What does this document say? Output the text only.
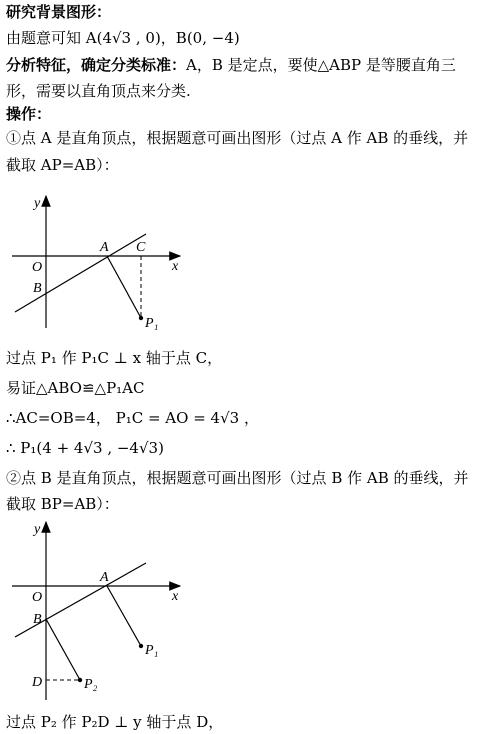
研究背景图形：
由题意可知 A(4√3 , 0)，B(0, −4)
分析特征，确定分类标准：A，B 是定点，要使△ABP 是等腰直角三
形，需要以直角顶点来分类.
操作：
①点 A 是直角顶点，根据题意可画出图形（过点 A 作 AB 的垂线，并
截取 AP=AB）：
y
x
O
A
B
C
P₁
过点 P₁ 作 P₁C ⊥ x 轴于点 C，
易证△ABO≌△P₁AC
∴AC=OB=4， P₁C = AO = 4√3 ，
∴ P₁(4 + 4√3 , −4√3)
②点 B 是直角顶点，根据题意可画出图形（过点 B 作 AB 的垂线，并
截取 BP=AB）：
y
x
O
A
B
D
P₁
P₂
过点 P₂ 作 P₂D ⊥ y 轴于点 D，
